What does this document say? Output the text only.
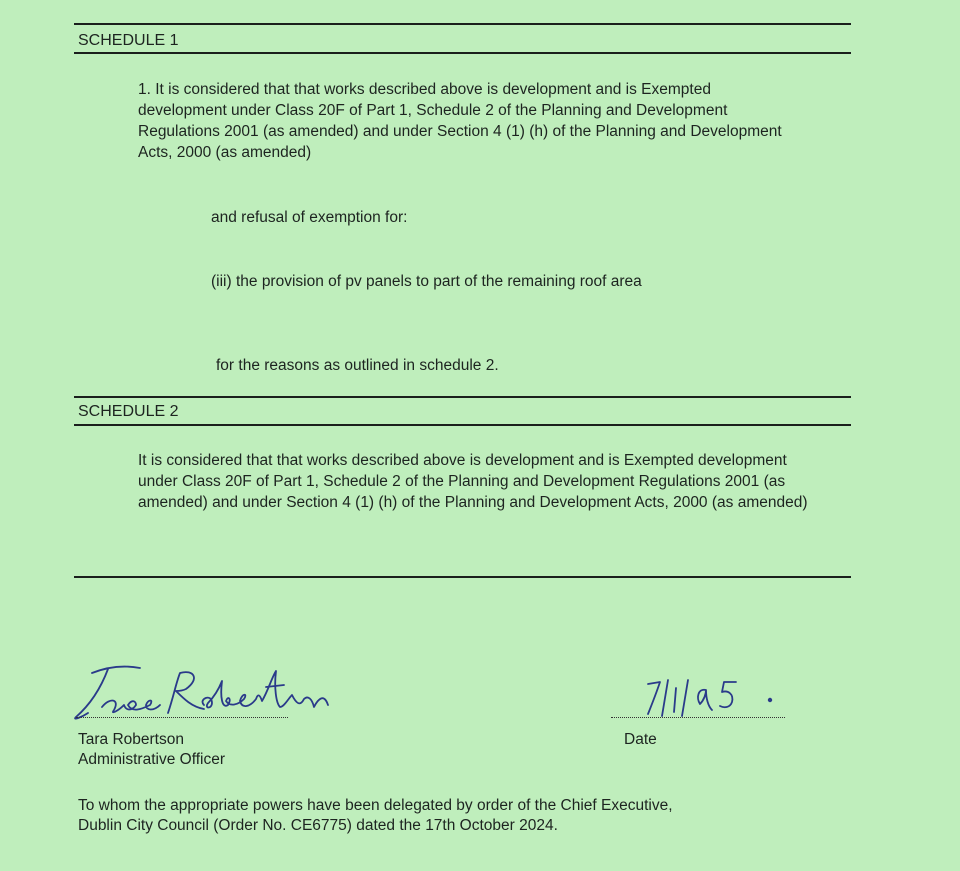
SCHEDULE 1
1. It is considered that that works described above is development and is Exempted development under Class 20F of Part 1, Schedule 2 of the Planning and Development Regulations 2001 (as amended) and under Section 4 (1) (h) of the Planning and Development Acts, 2000 (as amended)
and refusal of exemption for:
(iii) the provision of pv panels to part of the remaining roof area
for the reasons as outlined in schedule 2.
SCHEDULE 2
It is considered that that works described above is development and is Exempted development under Class 20F of Part 1, Schedule 2 of the Planning and Development Regulations 2001 (as amended) and under Section 4 (1) (h) of the Planning and Development Acts, 2000 (as amended)
Tara Robertson
Administrative Officer
Date
To whom the appropriate powers have been delegated by order of the Chief Executive,
Dublin City Council (Order No. CE6775) dated the 17th October 2024.
